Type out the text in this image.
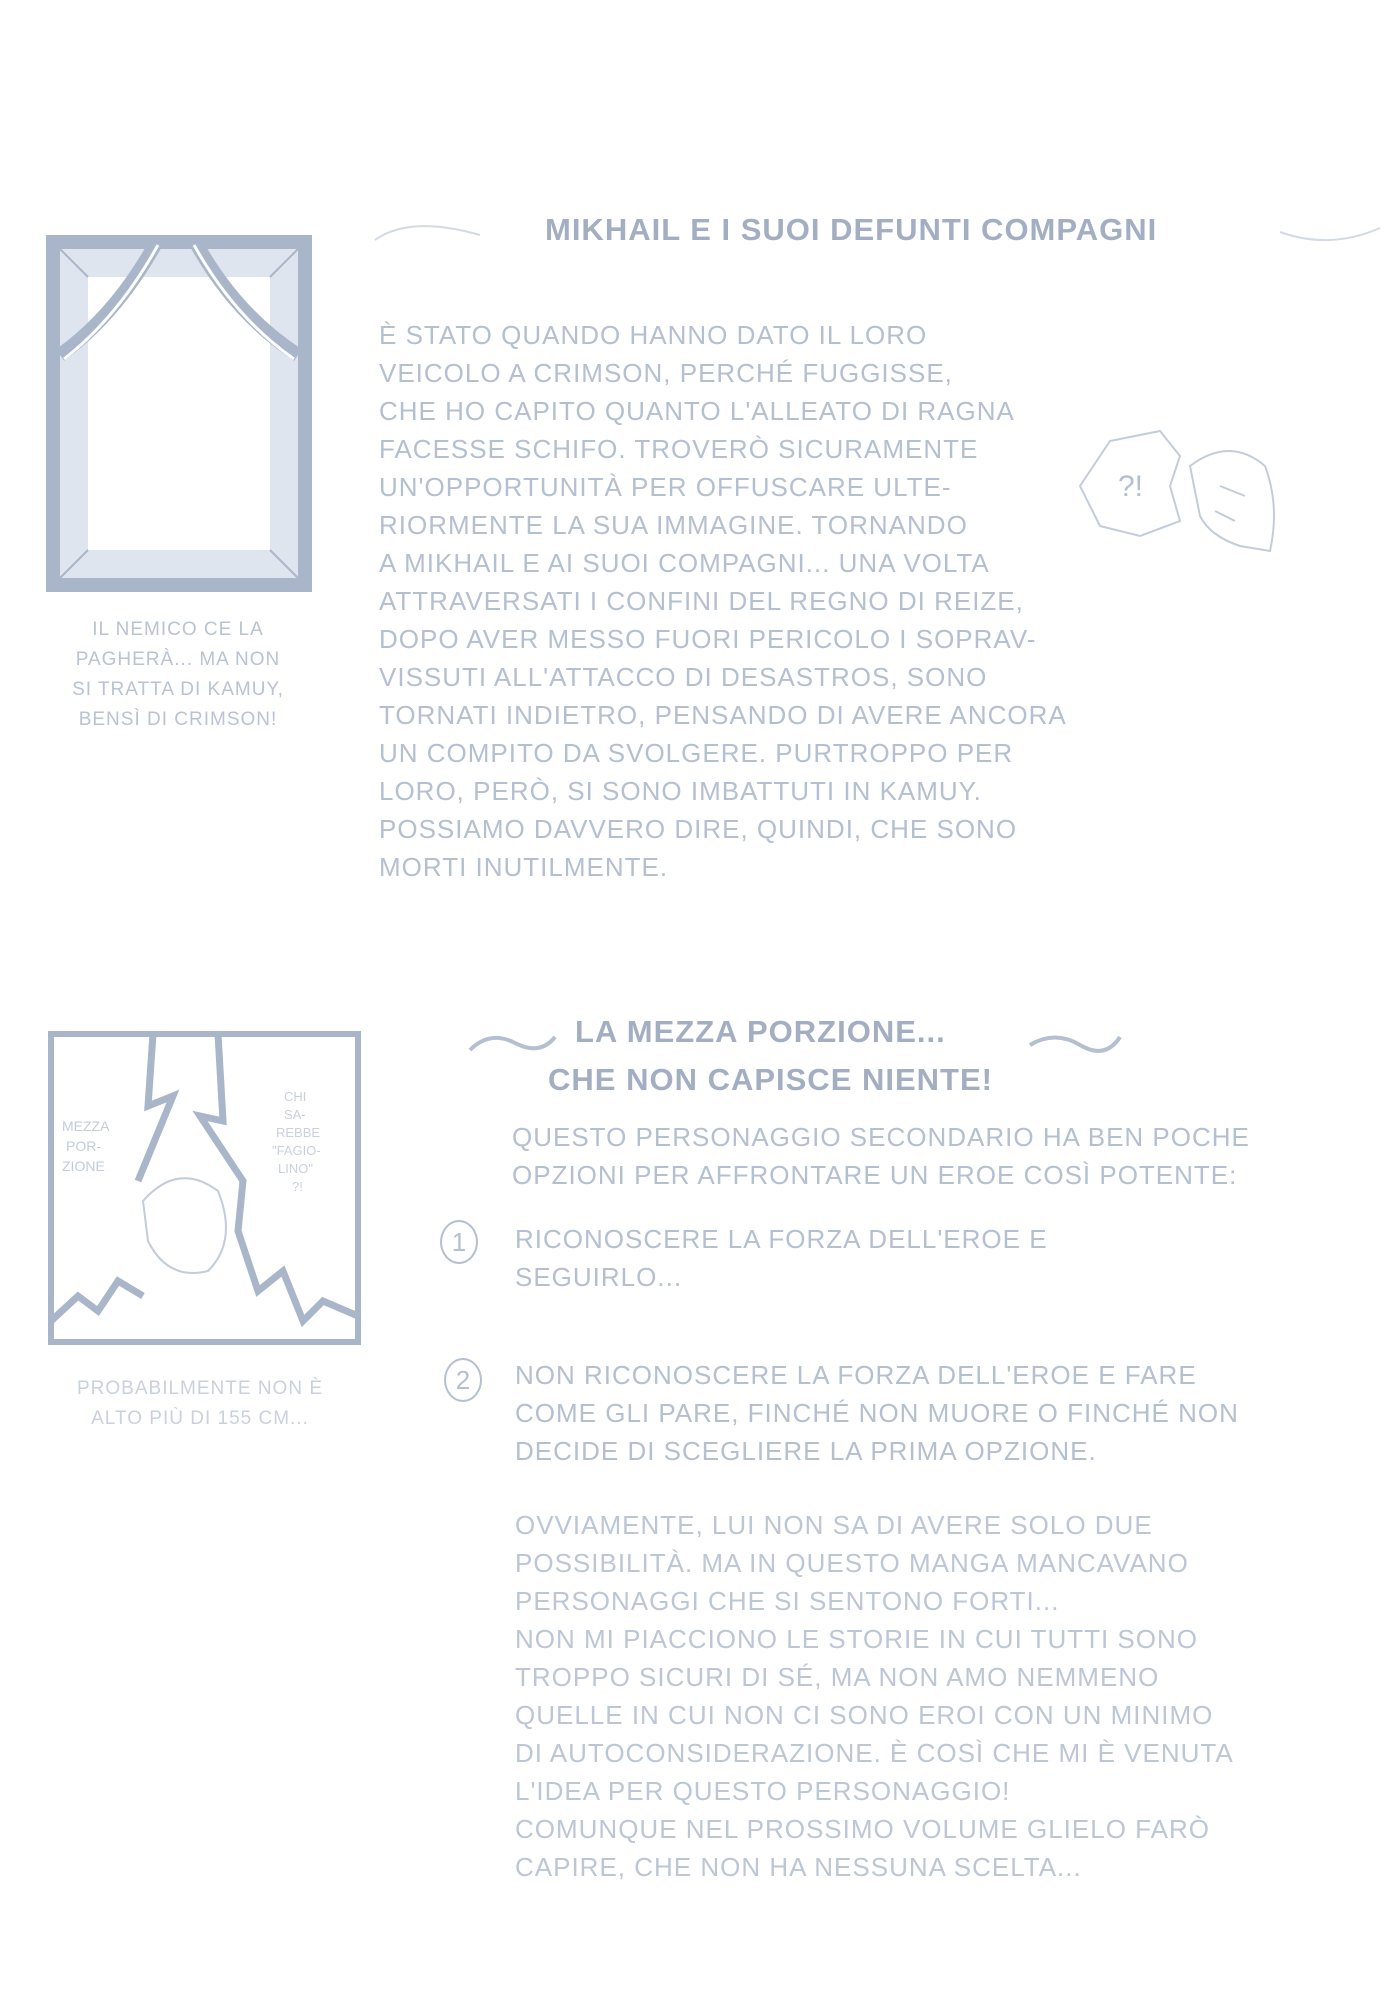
MIKHAIL E I SUOI DEFUNTI COMPAGNI
IL NEMICO CE LA
PAGHERÀ... MA NON
SI TRATTA DI KAMUY,
BENSÌ DI CRIMSON!
È STATO QUANDO HANNO DATO IL LORO
VEICOLO A CRIMSON, PERCHÉ FUGGISSE,
CHE HO CAPITO QUANTO L'ALLEATO DI RAGNA
FACESSE SCHIFO. TROVERÒ SICURAMENTE
UN'OPPORTUNITÀ PER OFFUSCARE ULTE-
RIORMENTE LA SUA IMMAGINE. TORNANDO
A MIKHAIL E AI SUOI COMPAGNI... UNA VOLTA
ATTRAVERSATI I CONFINI DEL REGNO DI REIZE,
DOPO AVER MESSO FUORI PERICOLO I SOPRAV-
VISSUTI ALL'ATTACCO DI DESASTROS, SONO
TORNATI INDIETRO, PENSANDO DI AVERE ANCORA
UN COMPITO DA SVOLGERE. PURTROPPO PER
LORO, PERÒ, SI SONO IMBATTUTI IN KAMUY.
POSSIAMO DAVVERO DIRE, QUINDI, CHE SONO
MORTI INUTILMENTE.
?!
MEZZA
POR-
ZIONE
CHI
SA-
REBBE
"FAGIO-
LINO"
?!
PROBABILMENTE NON È
ALTO PIÙ DI 155 CM...
LA MEZZA PORZIONE...
CHE NON CAPISCE NIENTE!
QUESTO PERSONAGGIO SECONDARIO HA BEN POCHE
OPZIONI PER AFFRONTARE UN EROE COSÌ POTENTE:
1	RICONOSCERE LA FORZA DELL'EROE E
SEGUIRLO...
2	NON RICONOSCERE LA FORZA DELL'EROE E FARE
COME GLI PARE, FINCHÉ NON MUORE O FINCHÉ NON
DECIDE DI SCEGLIERE LA PRIMA OPZIONE.
OVVIAMENTE, LUI NON SA DI AVERE SOLO DUE
POSSIBILITÀ. MA IN QUESTO MANGA MANCAVANO
PERSONAGGI CHE SI SENTONO FORTI...
NON MI PIACCIONO LE STORIE IN CUI TUTTI SONO
TROPPO SICURI DI SÉ, MA NON AMO NEMMENO
QUELLE IN CUI NON CI SONO EROI CON UN MINIMO
DI AUTOCONSIDERAZIONE. È COSÌ CHE MI È VENUTA
L'IDEA PER QUESTO PERSONAGGIO!
COMUNQUE NEL PROSSIMO VOLUME GLIELO FARÒ
CAPIRE, CHE NON HA NESSUNA SCELTA...
